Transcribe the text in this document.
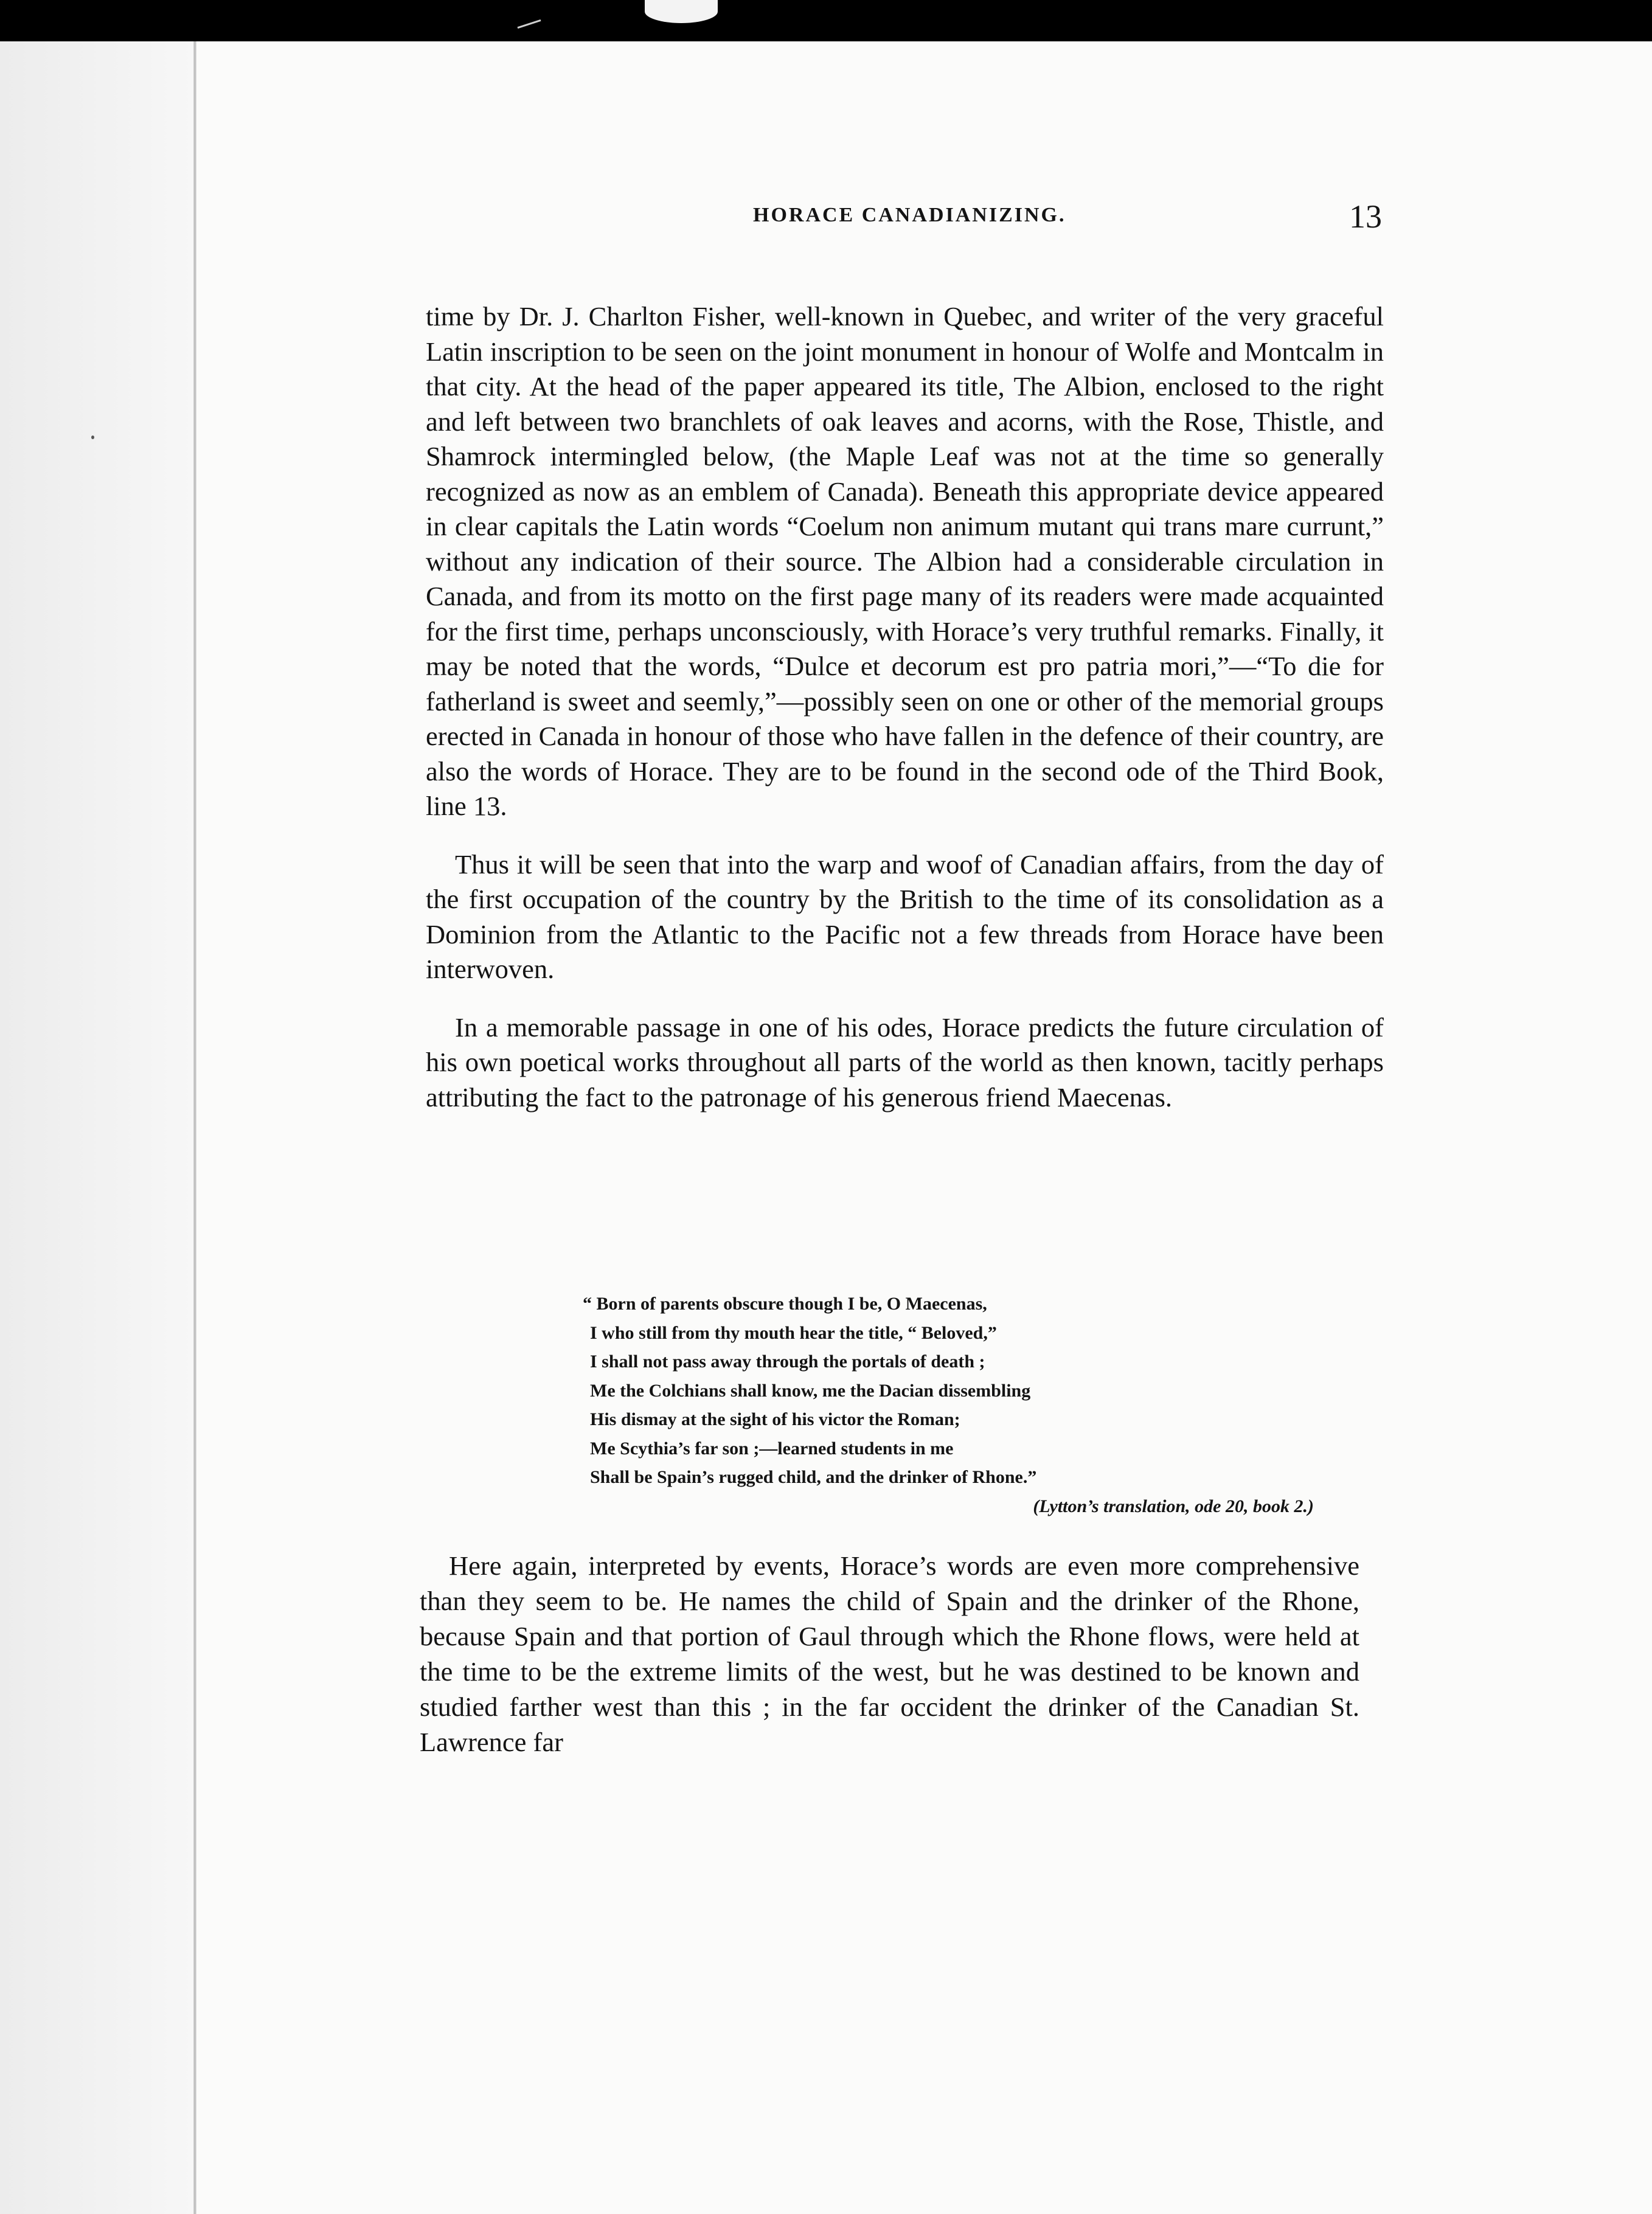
HORACE CANADIANIZING.	13

time by Dr. J. Charlton Fisher, well-known in Quebec, and writer of the very graceful Latin inscription to be seen on the joint monument in honour of Wolfe and Montcalm in that city. At the head of the paper appeared its title, The Albion, enclosed to the right and left between two branchlets of oak leaves and acorns, with the Rose, Thistle, and Shamrock intermingled below, (the Maple Leaf was not at the time so generally recognized as now as an emblem of Canada). Beneath this appropriate device appeared in clear capitals the Latin words “Coelum non animum mutant qui trans mare currunt,” without any indication of their source. The Albion had a considerable circulation in Canada, and from its motto on the first page many of its readers were made acquainted for the first time, perhaps unconsciously, with Horace’s very truthful remarks. Finally, it may be noted that the words, “Dulce et decorum est pro patria mori,”—“To die for fatherland is sweet and seemly,”—possibly seen on one or other of the memorial groups erected in Canada in honour of those who have fallen in the defence of their country, are also the words of Horace. They are to be found in the second ode of the Third Book, line 13.

Thus it will be seen that into the warp and woof of Canadian affairs, from the day of the first occupation of the country by the British to the time of its consolidation as a Dominion from the Atlantic to the Pacific not a few threads from Horace have been interwoven.

In a memorable passage in one of his odes, Horace predicts the future circulation of his own poetical works throughout all parts of the world as then known, tacitly perhaps attributing the fact to the patronage of his generous friend Maecenas.

“ Born of parents obscure though I be, O Maecenas,
I who still from thy mouth hear the title, “ Beloved,”
I shall not pass away through the portals of death ;
Me the Colchians shall know, me the Dacian dissembling
His dismay at the sight of his victor the Roman;
Me Scythia’s far son ;—learned students in me
Shall be Spain’s rugged child, and the drinker of Rhone.”
(Lytton’s translation, ode 20, book 2.)

Here again, interpreted by events, Horace’s words are even more comprehensive than they seem to be. He names the child of Spain and the drinker of the Rhone, because Spain and that portion of Gaul through which the Rhone flows, were held at the time to be the extreme limits of the west, but he was destined to be known and studied farther west than this ; in the far occident the drinker of the Canadian St. Lawrence far
